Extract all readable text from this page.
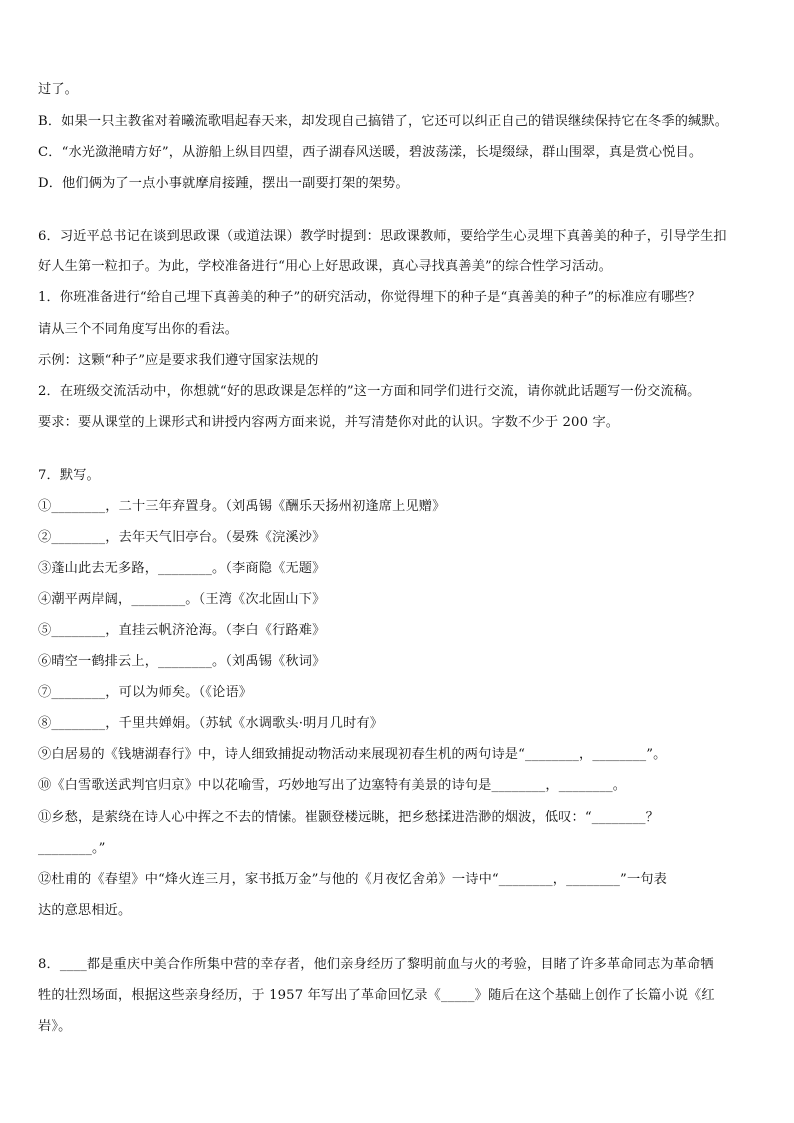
过了。
B．如果一只主教雀对着曦流歌唱起春天来，却发现自己搞错了，它还可以纠正自己的错误继续保持它在冬季的缄默。
C．“水光潋滟晴方好”，从游船上纵目四望，西子湖春风送暖，碧波荡漾，长堤缀绿，群山围翠，真是赏心悦目。
D．他们俩为了一点小事就摩肩接踵，摆出一副要打架的架势。
6．习近平总书记在谈到思政课（或道法课）教学时提到：思政课教师，要给学生心灵埋下真善美的种子，引导学生扣
好人生第一粒扣子。为此，学校准备进行“用心上好思政课，真心寻找真善美”的综合性学习活动。
1．你班准备进行“给自己埋下真善美的种子”的研究活动，你觉得埋下的种子是“真善美的种子”的标准应有哪些？
请从三个不同角度写出你的看法。
示例：这颗“种子”应是要求我们遵守国家法规的
2．在班级交流活动中，你想就“好的思政课是怎样的”这一方面和同学们进行交流，请你就此话题写一份交流稿。
要求：要从课堂的上课形式和讲授内容两方面来说，并写清楚你对此的认识。字数不少于 200 字。
7．默写。
①________，二十三年弃置身。（刘禹锡《酬乐天扬州初逢席上见赠》
②________，去年天气旧亭台。（晏殊《浣溪沙》
③蓬山此去无多路，________。（李商隐《无题》
④潮平两岸阔，________。（王湾《次北固山下》
⑤________，直挂云帆济沧海。（李白《行路难》
⑥晴空一鹤排云上，________。（刘禹锡《秋词》
⑦________，可以为师矣。（《论语》
⑧________，千里共婵娟。（苏轼《水调歌头·明月几时有》
⑨白居易的《钱塘湖春行》中，诗人细致捕捉动物活动来展现初春生机的两句诗是“________，________”。
⑩《白雪歌送武判官归京》中以花喻雪，巧妙地写出了边塞特有美景的诗句是________，________。
⑪乡愁，是萦绕在诗人心中挥之不去的情愫。崔颢登楼远眺，把乡愁揉进浩渺的烟波，低叹：“________？
________。”
⑫杜甫的《春望》中“烽火连三月，家书抵万金”与他的《月夜忆舍弟》一诗中“________，________”一句表
达的意思相近。
8．____都是重庆中美合作所集中营的幸存者，他们亲身经历了黎明前血与火的考验，目睹了许多革命同志为革命牺
牲的壮烈场面，根据这些亲身经历，于 1957 年写出了革命回忆录《_____》随后在这个基础上创作了长篇小说《红
岩》。
